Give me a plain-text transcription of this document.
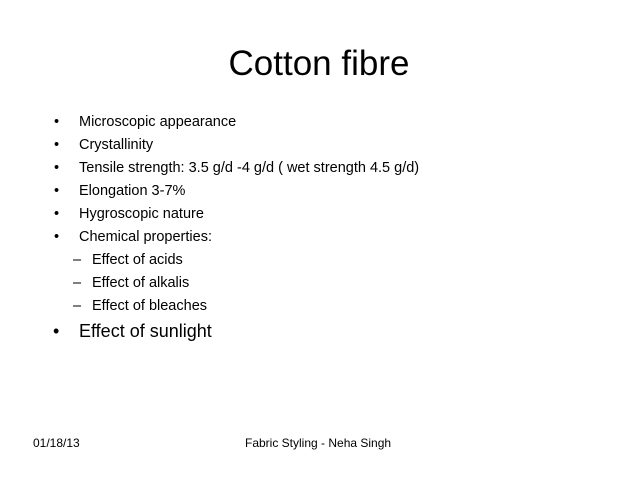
Cotton fibre
• Microscopic appearance
• Crystallinity
• Tensile strength: 3.5 g/d -4 g/d ( wet strength 4.5 g/d)
• Elongation 3-7%
• Hygroscopic nature
• Chemical properties:
– Effect of acids
– Effect of alkalis
– Effect of bleaches
• Effect of sunlight
01/18/13	Fabric Styling - Neha Singh
